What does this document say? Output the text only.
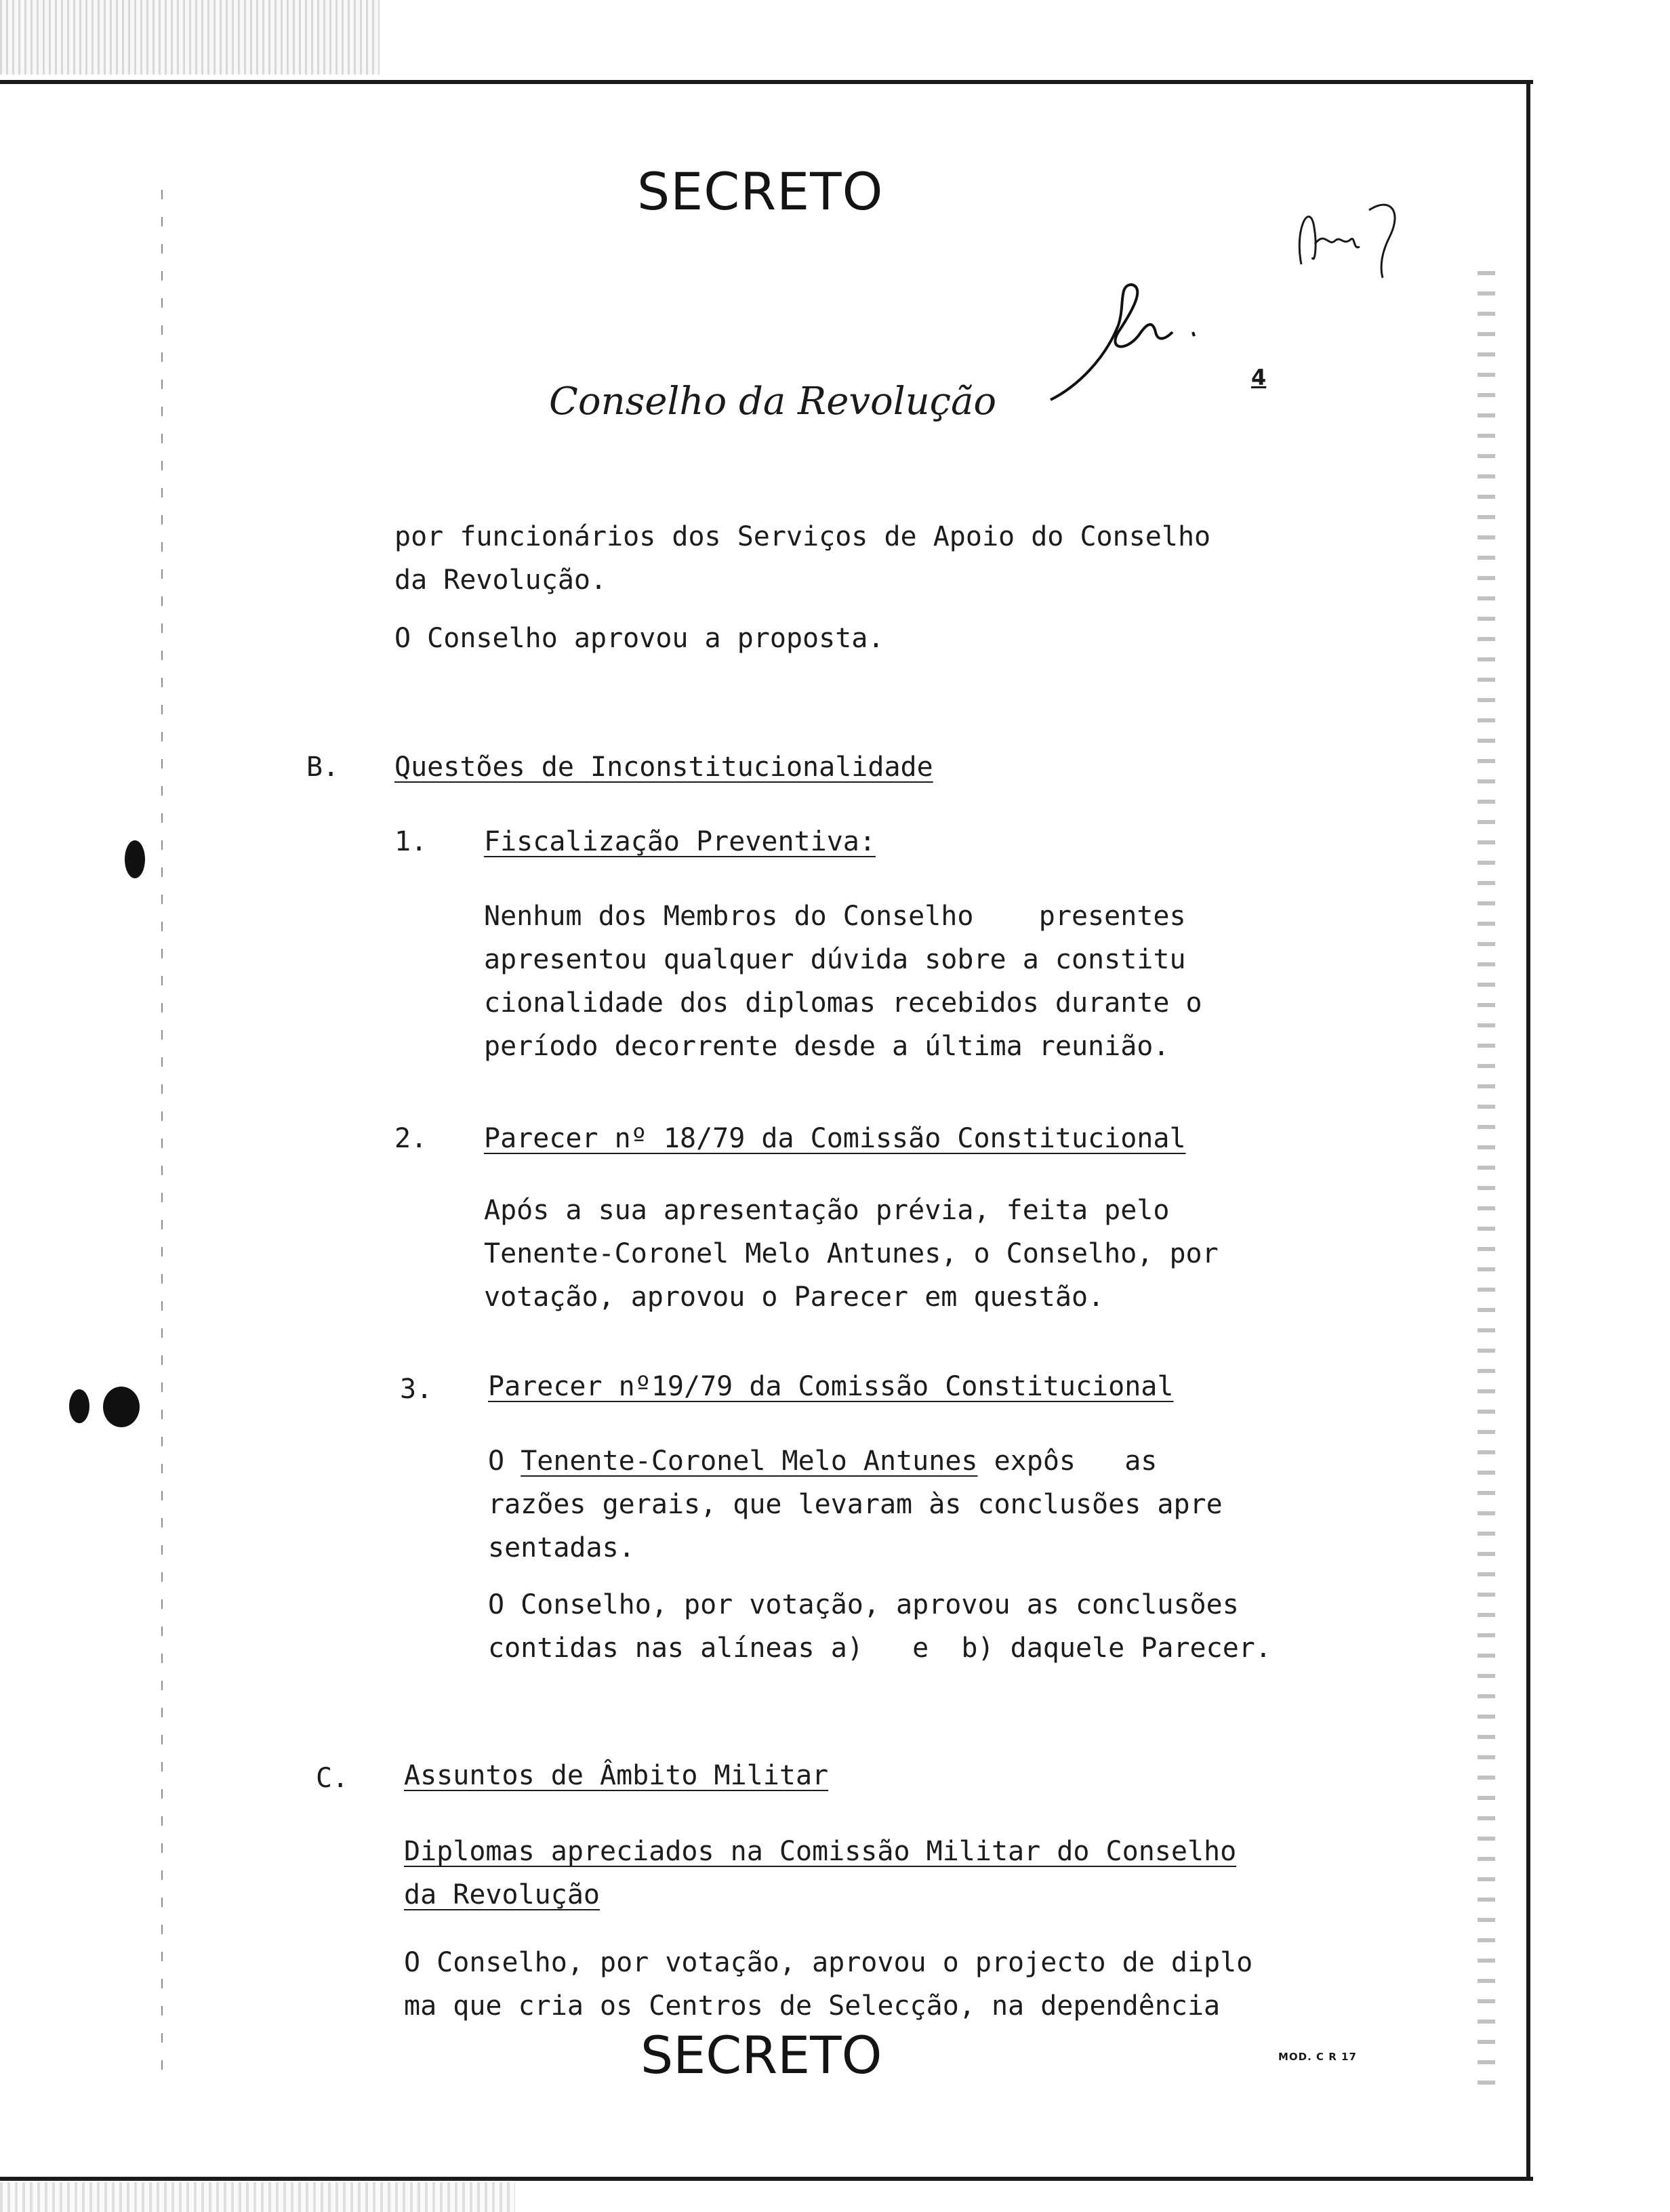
SECRETO
4
Conselho da Revolução
por funcionários dos Serviços de Apoio do Conselho
da Revolução.
O Conselho aprovou a proposta.
B. Questões de Inconstitucionalidade
1. Fiscalização Preventiva:
Nenhum dos Membros do Conselho    presentes
apresentou qualquer dúvida sobre a constitu
cionalidade dos diplomas recebidos durante o
período decorrente desde a última reunião.
2. Parecer nº 18/79 da Comissão Constitucional
Após a sua apresentação prévia, feita pelo
Tenente-Coronel Melo Antunes, o Conselho, por
votação, aprovou o Parecer em questão.
3. Parecer nº19/79 da Comissão Constitucional
O Tenente-Coronel Melo Antunes expôs   as
razões gerais, que levaram às conclusões apre
sentadas.
O Conselho, por votação, aprovou as conclusões
contidas nas alíneas a)   e  b) daquele Parecer.
C. Assuntos de Âmbito Militar
Diplomas apreciados na Comissão Militar do Conselho
da Revolução
O Conselho, por votação, aprovou o projecto de diplo
ma que cria os Centros de Selecção, na dependência
SECRETO	MOD. C R 17
